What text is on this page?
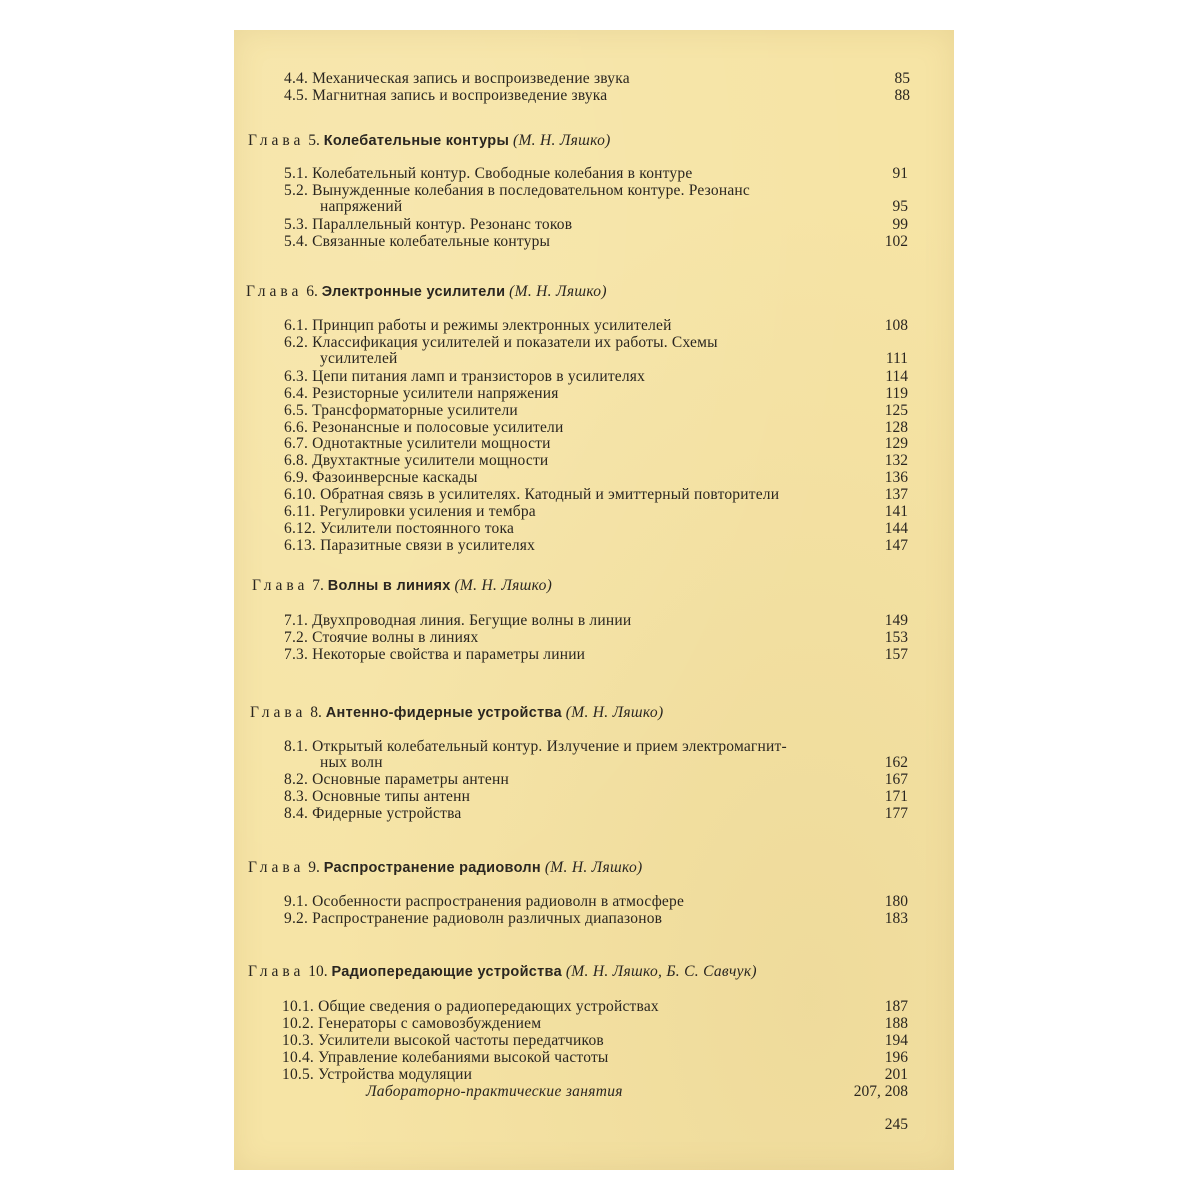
4.4. Механическая запись и воспроизведение звука	85
4.5. Магнитная запись и воспроизведение звука	88
Глава 5. Колебательные контуры (М. Н. Ляшко)
5.1. Колебательный контур. Свободные колебания в контуре	91
5.2. Вынужденные колебания в последовательном контуре. Резонанс
напряжений	95
5.3. Параллельный контур. Резонанс токов	99
5.4. Связанные колебательные контуры	102
Глава 6. Электронные усилители (М. Н. Ляшко)
6.1. Принцип работы и режимы электронных усилителей	108
6.2. Классификация усилителей и показатели их работы. Схемы
усилителей	111
6.3. Цепи питания ламп и транзисторов в усилителях	114
6.4. Резисторные усилители напряжения	119
6.5. Трансформаторные усилители	125
6.6. Резонансные и полосовые усилители	128
6.7. Однотактные усилители мощности	129
6.8. Двухтактные усилители мощности	132
6.9. Фазоинверсные каскады	136
6.10. Обратная связь в усилителях. Катодный и эмиттерный повторители	137
6.11. Регулировки усиления и тембра	141
6.12. Усилители постоянного тока	144
6.13. Паразитные связи в усилителях	147
Глава 7. Волны в линиях (М. Н. Ляшко)
7.1. Двухпроводная линия. Бегущие волны в линии	149
7.2. Стоячие волны в линиях	153
7.3. Некоторые свойства и параметры линии	157
Глава 8. Антенно-фидерные устройства (М. Н. Ляшко)
8.1. Открытый колебательный контур. Излучение и прием электромагнит-
ных волн	162
8.2. Основные параметры антенн	167
8.3. Основные типы антенн	171
8.4. Фидерные устройства	177
Глава 9. Распространение радиоволн (М. Н. Ляшко)
9.1. Особенности распространения радиоволн в атмосфере	180
9.2. Распространение радиоволн различных диапазонов	183
Глава 10. Радиопередающие устройства (М. Н. Ляшко, Б. С. Савчук)
10.1. Общие сведения о радиопередающих устройствах	187
10.2. Генераторы с самовозбуждением	188
10.3. Усилители высокой частоты передатчиков	194
10.4. Управление колебаниями высокой частоты	196
10.5. Устройства модуляции	201
Лабораторно-практические занятия	207, 208
245
